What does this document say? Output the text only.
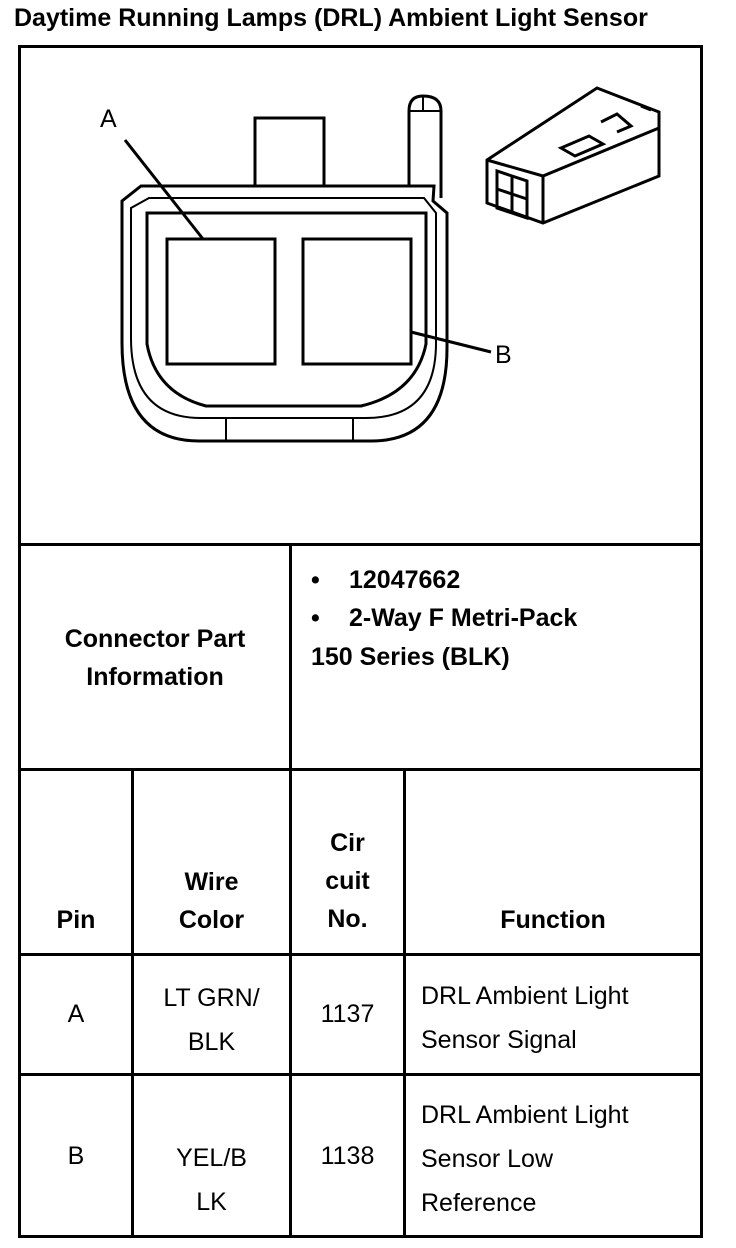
Daytime Running Lamps (DRL) Ambient Light Sensor
A
B
Connector Part
Information
• 12047662
• 2-Way F Metri-Pack
150 Series (BLK)
Pin
Wire
Color
Cir
cuit
No.	Function
A
LT GRN/
BLK
1137
DRL Ambient Light
Sensor Signal
B	YEL/B
LK
1138
DRL Ambient Light
Sensor Low
Reference
